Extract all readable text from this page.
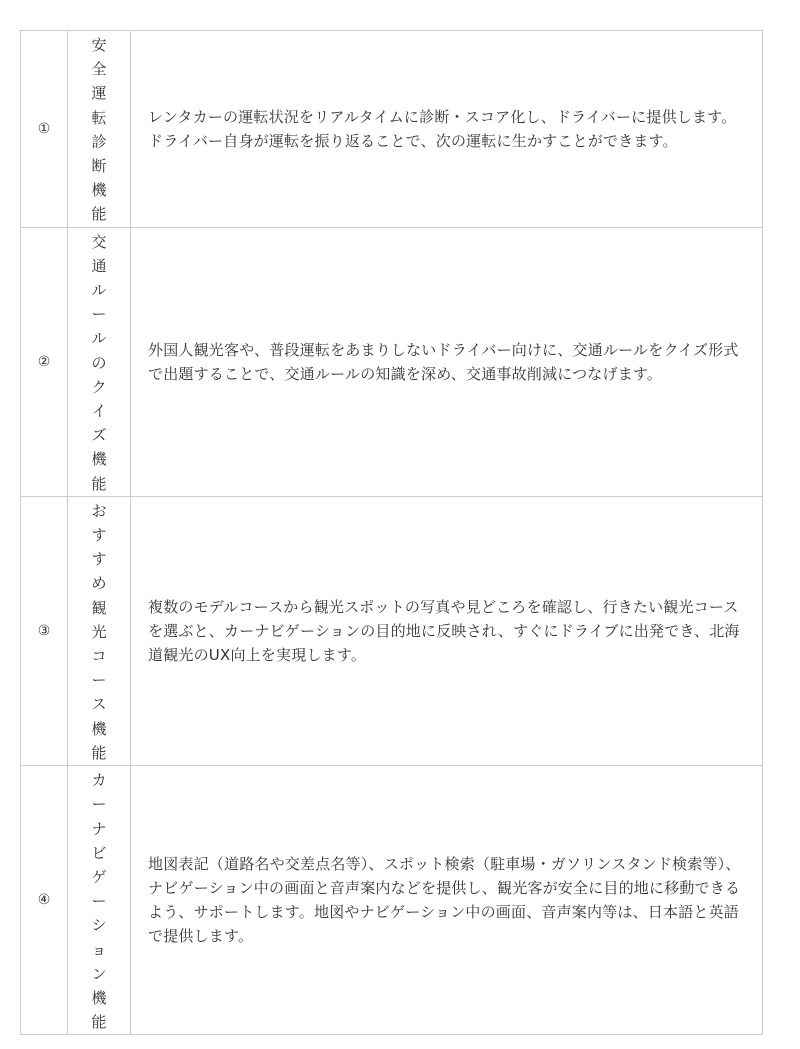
①	安全運転診断機能	レンタカーの運転状況をリアルタイムに診断・スコア化し、ドライバーに提供します。ドライバー自身が運転を振り返ることで、次の運転に生かすことができます。
②	交通ルールのクイズ機能	外国人観光客や、普段運転をあまりしないドライバー向けに、交通ルールをクイズ形式で出題することで、交通ルールの知識を深め、交通事故削減につなげます。
③	おすすめ観光コース機能	複数のモデルコースから観光スポットの写真や見どころを確認し、行きたい観光コースを選ぶと、カーナビゲーションの目的地に反映され、すぐにドライブに出発でき、北海道観光のUX向上を実現します。
④	カーナビゲーション機能	地図表記（道路名や交差点名等）、スポット検索（駐車場・ガソリンスタンド検索等）、ナビゲーション中の画面と音声案内などを提供し、観光客が安全に目的地に移動できるよう、サポートします。地図やナビゲーション中の画面、音声案内等は、日本語と英語で提供します。
